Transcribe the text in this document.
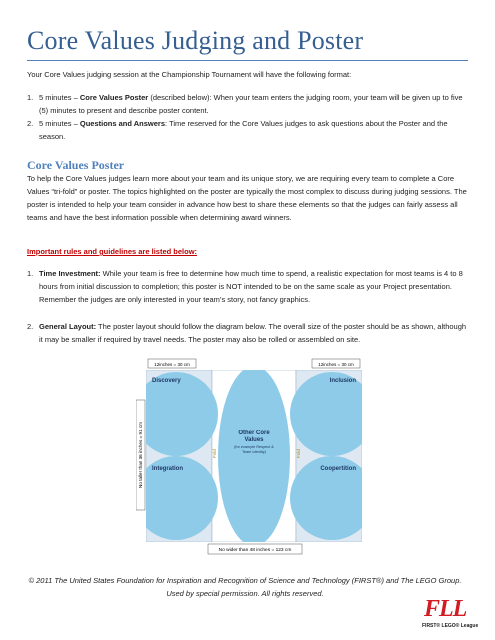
Core Values Judging and Poster

Your Core Values judging session at the Championship Tournament will have the following format:

1. 5 minutes – Core Values Poster (described below): When your team enters the judging room, your team will be given up to five (5) minutes to present and describe poster content.
2. 5 minutes – Questions and Answers: Time reserved for the Core Values judges to ask questions about the Poster and the season.
Core Values Poster

To help the Core Values judges learn more about your team and its unique story, we are requiring every team to complete a Core Values “tri-fold” or poster. The topics highlighted on the poster are typically the most complex to discuss during judging sessions. The poster is intended to help your team consider in advance how best to share these elements so that the judges can fairly assess all teams and have the best information possible when determining award winners.

Important rules and guidelines are listed below:
1. Time Investment: While your team is free to determine how much time to spend, a realistic expectation for most teams is 4 to 8 hours from initial discussion to completion; this poster is NOT intended to be on the same scale as your Project presentation. Remember the judges are only interested in your team’s story, not fancy graphics.
2. General Layout: The poster layout should follow the diagram below. The overall size of the poster should be as shown, although it may be smaller if required by travel needs. The poster may also be rolled or assembled on site.
12inches = 30 cm	12inches = 30 cm
Discovery
Integration
Inclusion
Coopertition
Other Core Values
(for example Respect & Team Identity)
Fold	Fold
No taller than 36 inches = 91 cm
No wider than 48 inches = 123 cm
© 2011 The United States Foundation for Inspiration and Recognition of Science and Technology (FIRST®) and The LEGO Group. Used by special permission. All rights reserved.
FLL
FIRST® LEGO® League
